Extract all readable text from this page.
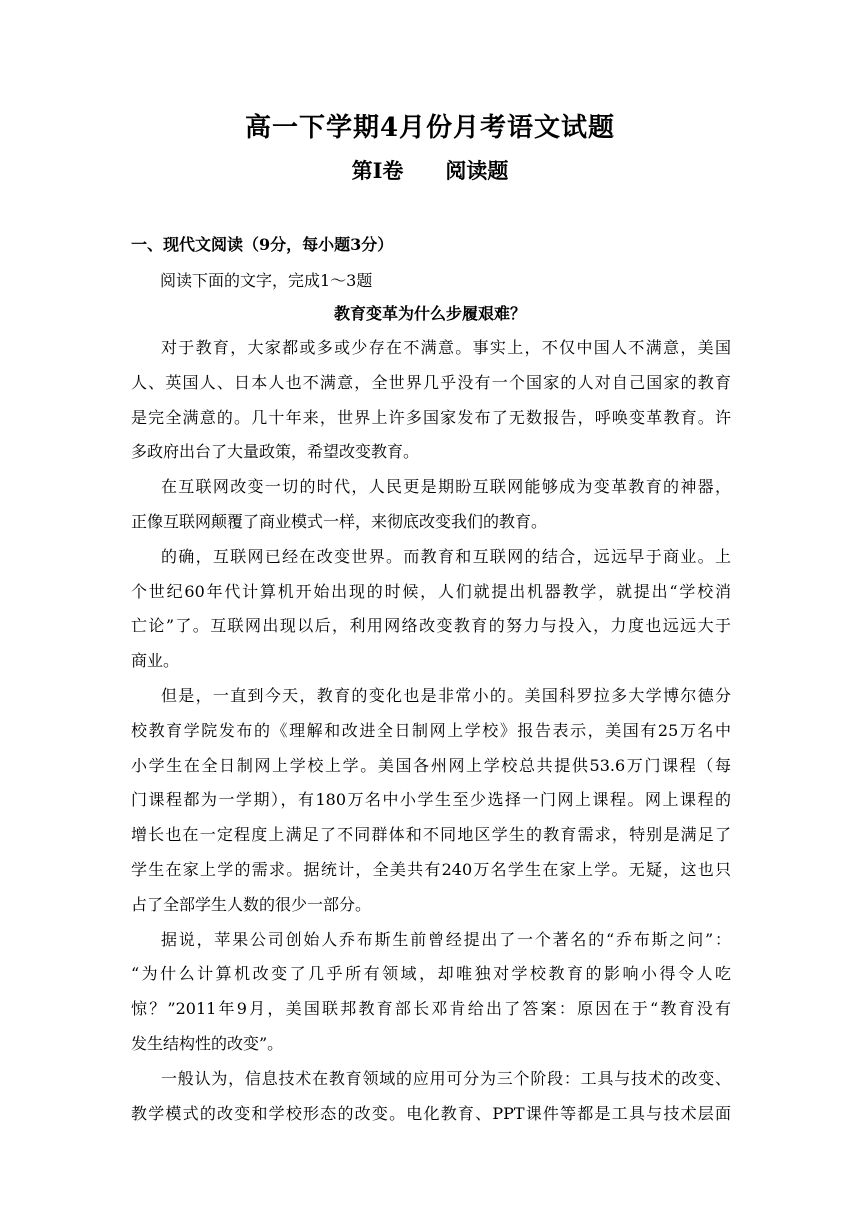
高一下学期4月份月考语文试题
第Ⅰ卷　　阅读题
一、现代文阅读（9分，每小题3分）
阅读下面的文字，完成1～3题
教育变革为什么步履艰难？
对于教育，大家都或多或少存在不满意。事实上，不仅中国人不满意，美国
人、英国人、日本人也不满意，全世界几乎没有一个国家的人对自己国家的教育
是完全满意的。几十年来，世界上许多国家发布了无数报告，呼唤变革教育。许
多政府出台了大量政策，希望改变教育。
在互联网改变一切的时代，人民更是期盼互联网能够成为变革教育的神器，
正像互联网颠覆了商业模式一样，来彻底改变我们的教育。
的确，互联网已经在改变世界。而教育和互联网的结合，远远早于商业。上
个世纪60年代计算机开始出现的时候，人们就提出机器教学，就提出“学校消
亡论”了。互联网出现以后，利用网络改变教育的努力与投入，力度也远远大于
商业。
但是，一直到今天，教育的变化也是非常小的。美国科罗拉多大学博尔德分
校教育学院发布的《理解和改进全日制网上学校》报告表示，美国有25万名中
小学生在全日制网上学校上学。美国各州网上学校总共提供53.6万门课程（每
门课程都为一学期），有180万名中小学生至少选择一门网上课程。网上课程的
增长也在一定程度上满足了不同群体和不同地区学生的教育需求，特别是满足了
学生在家上学的需求。据统计，全美共有240万名学生在家上学。无疑，这也只
占了全部学生人数的很少一部分。
据说，苹果公司创始人乔布斯生前曾经提出了一个著名的“乔布斯之问”：
“为什么计算机改变了几乎所有领域，却唯独对学校教育的影响小得令人吃
惊？”2011年9月，美国联邦教育部长邓肯给出了答案：原因在于“教育没有
发生结构性的改变”。
一般认为，信息技术在教育领域的应用可分为三个阶段：工具与技术的改变、
教学模式的改变和学校形态的改变。电化教育、PPT课件等都是工具与技术层面
